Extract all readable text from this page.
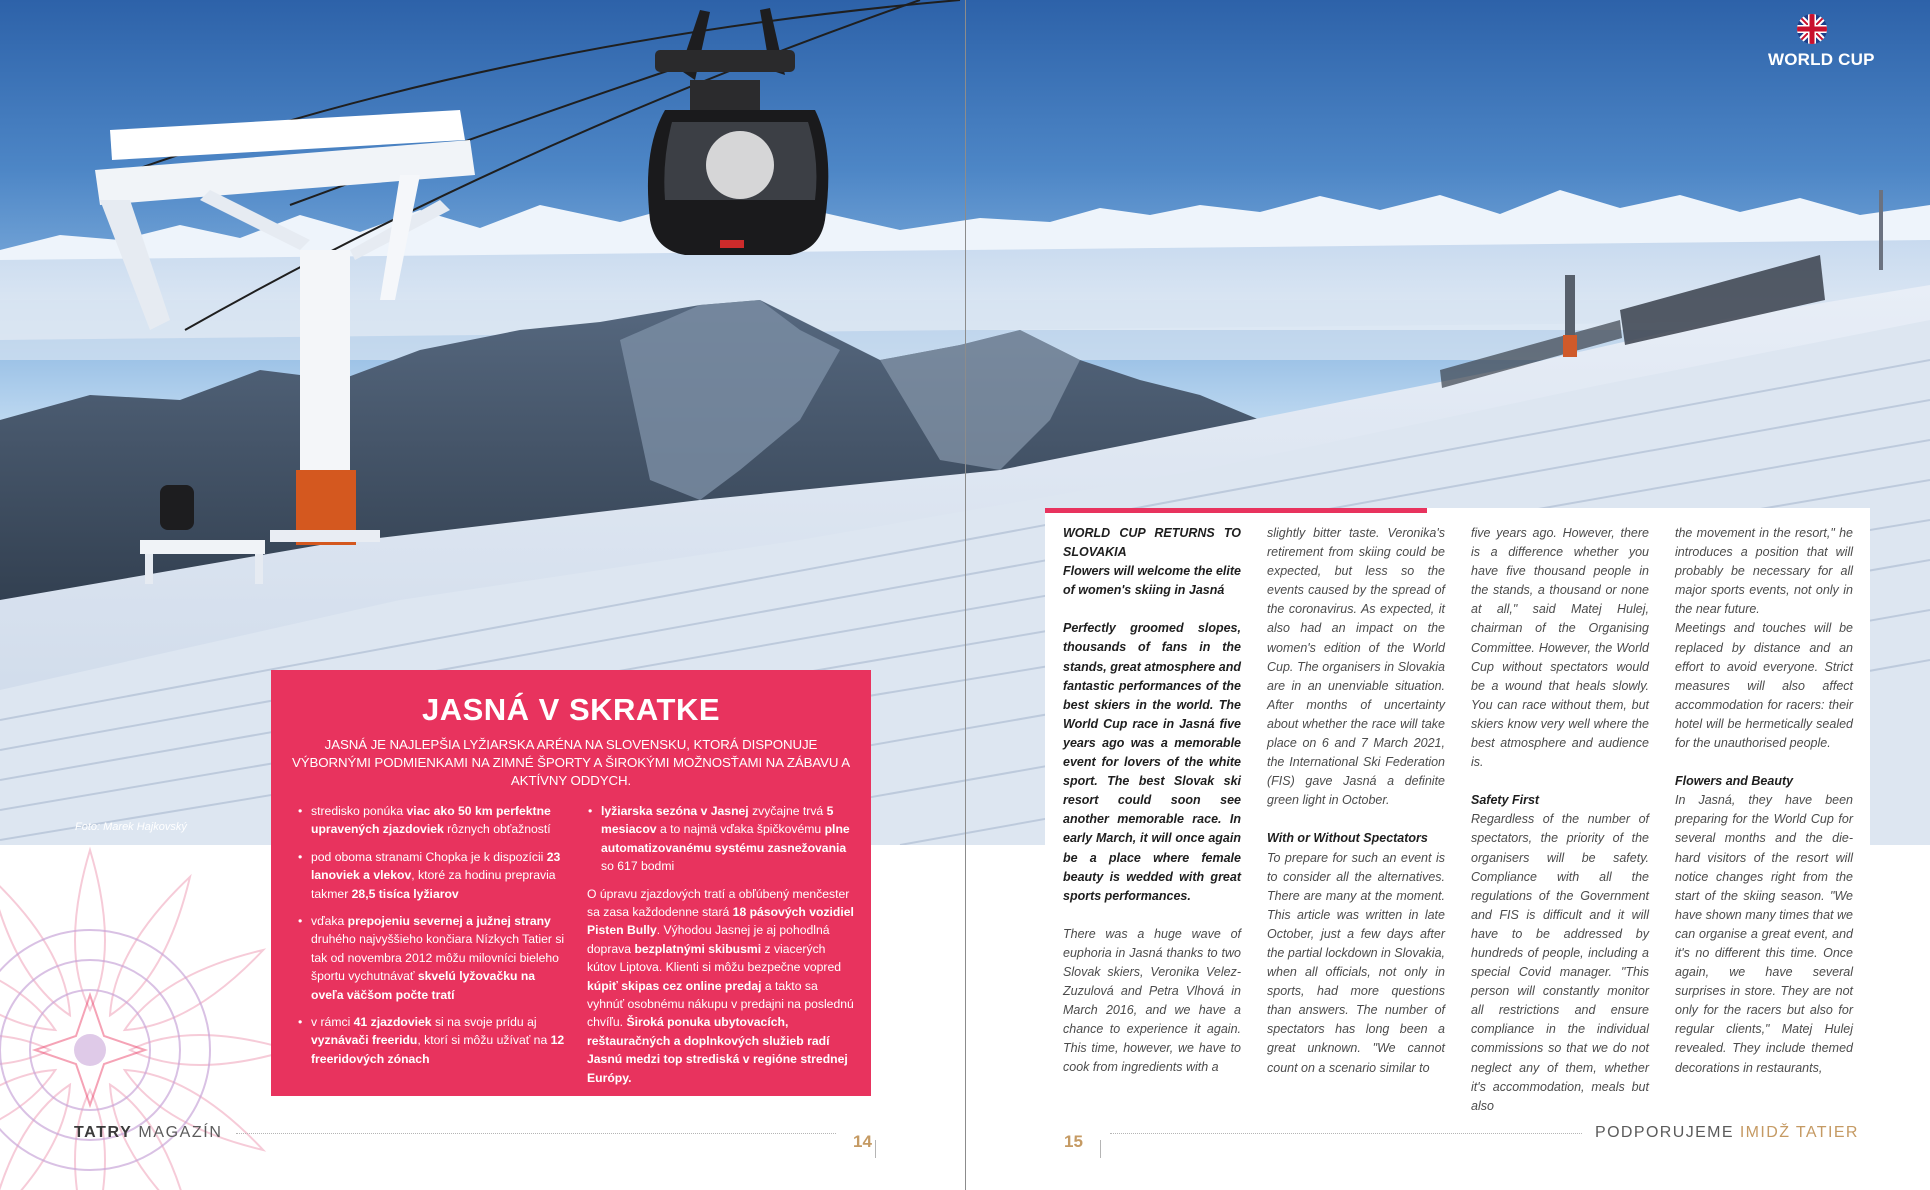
Foto: Marek Hajkovský
WORLD CUP
JASNÁ V SKRATKE
JASNÁ JE NAJLEPŠIA LYŽIARSKA ARÉNA NA SLOVENSKU, KTORÁ DISPONUJE VÝBORNÝMI PODMIENKAMI NA ZIMNÉ ŠPORTY A ŠIROKÝMI MOŽNOSŤAMI NA ZÁBAVU A AKTÍVNY ODDYCH.
• stredisko ponúka viac ako 50 km perfektne upravených zjazdoviek rôznych obťažností
• pod oboma stranami Chopka je k dispozícii 23 lanoviek a vlekov, ktoré za hodinu prepravia takmer 28,5 tisíca lyžiarov
• vďaka prepojeniu severnej a južnej strany druhého najvyššieho končiara Nízkych Tatier si tak od novembra 2012 môžu milovníci bieleho športu vychutnávať skvelú lyžovačku na oveľa väčšom počte tratí
• v rámci 41 zjazdoviek si na svoje prídu aj vyznávači freeridu, ktorí si môžu užívať na 12 freeridových zónach
• lyžiarska sezóna v Jasnej zvyčajne trvá 5 mesiacov a to najmä vďaka špičkovému plne automatizovanému systému zasnežovania so 617 bodmi

O úpravu zjazdových tratí a obľúbený menčester sa zasa každodenne stará 18 pásových vozidiel Pisten Bully. Výhodou Jasnej je aj pohodlná doprava bezplatnými skibusmi z viacerých kútov Liptova. Klienti si môžu bezpečne vopred kúpiť skipas cez online predaj a takto sa vyhnúť osobnému nákupu v predajni na poslednú chvíľu. Široká ponuka ubytovacích, reštauračných a doplnkových služieb radí Jasnú medzi top strediská v regióne strednej Európy.

WORLD CUP RETURNS TO SLOVAKIA
Flowers will welcome the elite of women's skiing in Jasná

Perfectly groomed slopes, thousands of fans in the stands, great atmosphere and fantastic performances of the best skiers in the world. The World Cup race in Jasná five years ago was a memorable event for lovers of the white sport. The best Slovak ski resort could soon see another memorable race. In early March, it will once again be a place where female beauty is wedded with great sports performances.

There was a huge wave of euphoria in Jasná thanks to two Slovak skiers, Veronika Velez-Zuzulová and Petra Vlhová in March 2016, and we have a chance to experience it again. This time, however, we have to cook from ingredients with a

slightly bitter taste. Veronika's retirement from skiing could be expected, but less so the events caused by the spread of the coronavirus. As expected, it also had an impact on the women's edition of the World Cup. The organisers in Slovakia are in an unenviable situation. After months of uncertainty about whether the race will take place on 6 and 7 March 2021, the International Ski Federation (FIS) gave Jasná a definite green light in October.

With or Without Spectators

To prepare for such an event is to consider all the alternatives. There are many at the moment. This article was written in late October, just a few days after the partial lockdown in Slovakia, when all officials, not only in sports, had more questions than answers. The number of spectators has long been a great unknown. "We cannot count on a scenario similar to

five years ago. However, there is a difference whether you have five thousand people in the stands, a thousand or none at all," said Matej Hulej, chairman of the Organising Committee. However, the World Cup without spectators would be a wound that heals slowly. You can race without them, but skiers know very well where the best atmosphere and audience is.

Safety First

Regardless of the number of spectators, the priority of the organisers will be safety. Compliance with all the regulations of the Government and FIS is difficult and it will have to be addressed by hundreds of people, including a special Covid manager. "This person will constantly monitor all restrictions and ensure compliance in the individual commissions so that we do not neglect any of them, whether it's accommodation, meals but also

the movement in the resort," he introduces a position that will probably be necessary for all major sports events, not only in the near future.

Meetings and touches will be replaced by distance and an effort to avoid everyone. Strict measures will also affect accommodation for racers: their hotel will be hermetically sealed for the unauthorised people.

Flowers and Beauty

In Jasná, they have been preparing for the World Cup for several months and the die-hard visitors of the resort will notice changes right from the start of the skiing season. "We have shown many times that we can organise a great event, and it's no different this time. Once again, we have several surprises in store. They are not only for the racers but also for regular clients," Matej Hulej revealed. They include themed decorations in restaurants,

TATRY MAGAZÍN	14	15	PODPORUJEME IMIDŽ TATIER
